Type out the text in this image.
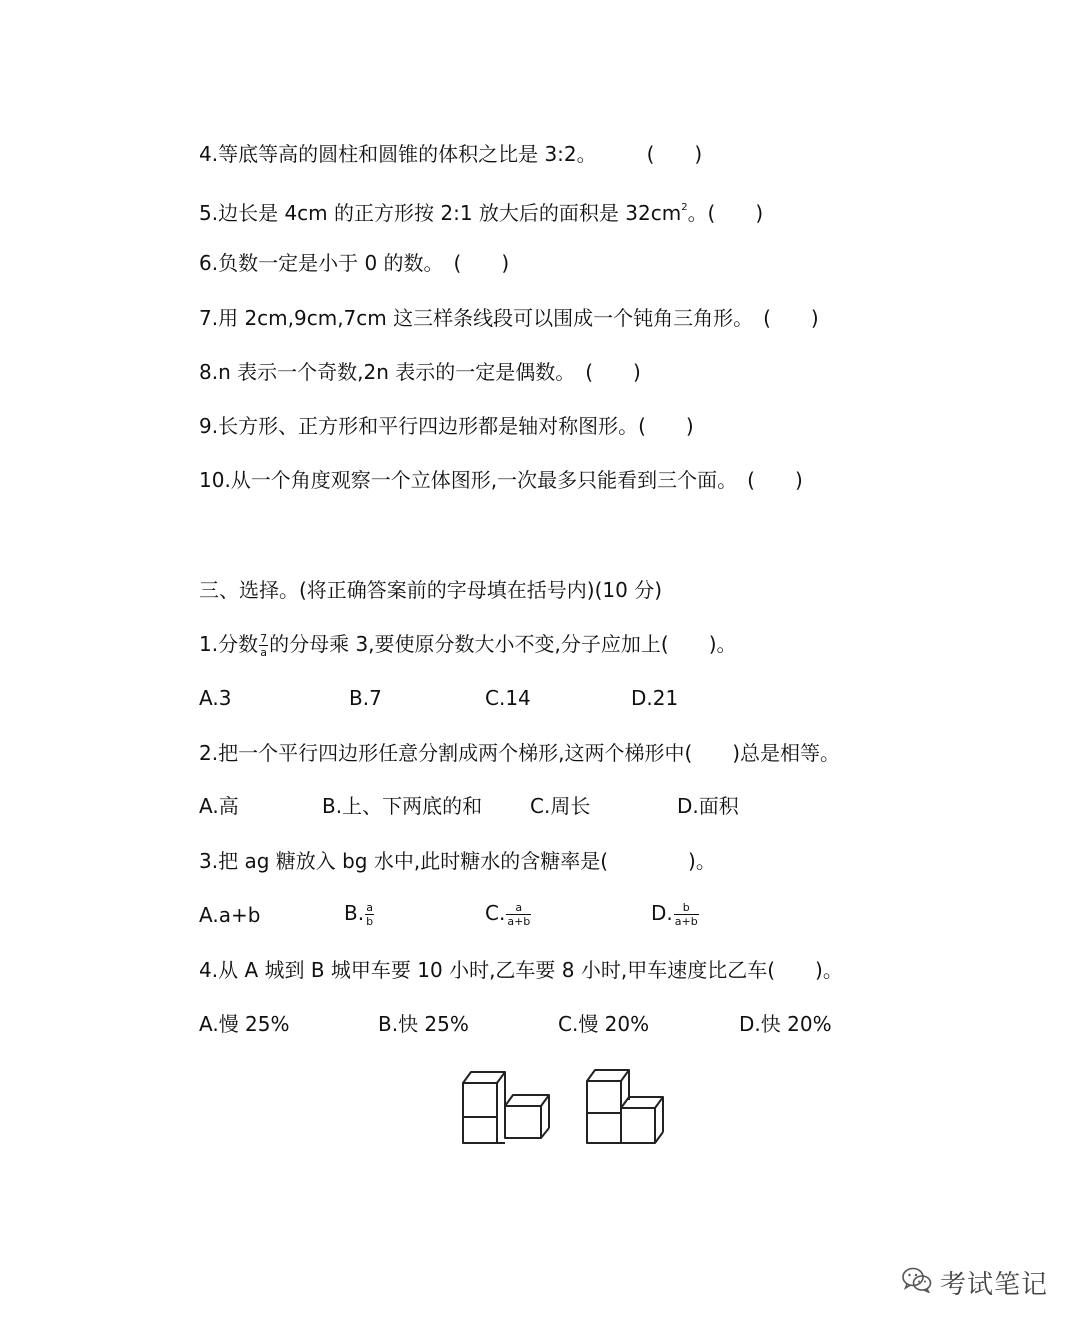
4.等底等高的圆柱和圆锥的体积之比是 3:2。　　　(　　)
5.边长是 4cm 的正方形按 2:1 放大后的面积是 $32cm^2$。(　　)
6.负数一定是小于 0 的数。　(　　)
7.用 2cm,9cm,7cm 这三样条线段可以围成一个钝角三角形。　(　　)
8.n 表示一个奇数,2n 表示的一定是偶数。　(　　)
9.长方形、正方形和平行四边形都是轴对称图形。(　　)
10.从一个角度观察一个立体图形,一次最多只能看到三个面。　(　　)
三、选择。(将正确答案前的字母填在括号内)(10 分)
1.分数 $\frac{7}{a}$ 的分母乘 3,要使原分数大小不变,分子应加上(　　)。
A.3	B.7	C.14	D.21
2.把一个平行四边形任意分割成两个梯形,这两个梯形中(　　)总是相等。
A.高	B.上、下两底的和 C.周长	D.面积
3.把 ag 糖放入 bg 水中,此时糖水的含糖率是(　　　　)。
A.a+b	B. $\frac{a}{b}$	C. $\frac{a}{a+b}$	D. $\frac{b}{a+b}$
4.从 A 城到 B 城甲车要 10 小时,乙车要 8 小时,甲车速度比乙车(　　)。
A.慢 25%	B.快 25%	C.慢 20%	D.快 20%
考试笔记
